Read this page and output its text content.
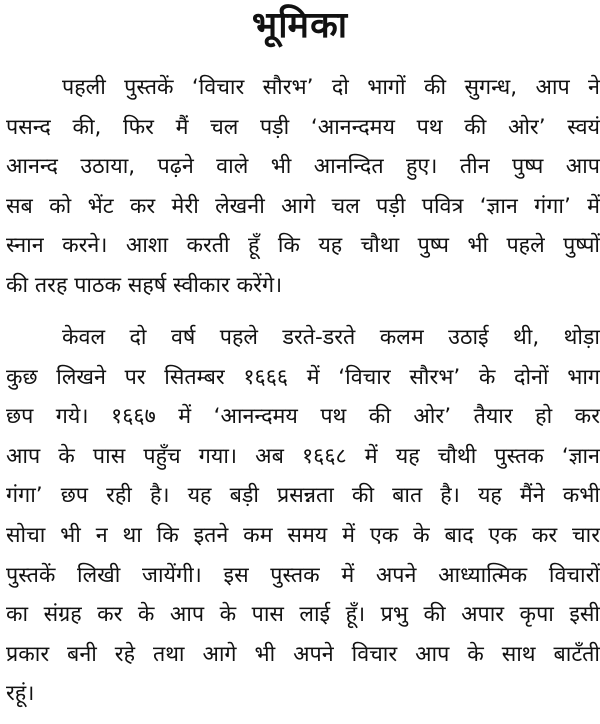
भूमिका
पहली पुस्तकें ‘विचार सौरभ’ दो भागों की सुगन्ध, आप ने
पसन्द की, फिर मैं चल पड़ी ‘आनन्दमय पथ की ओर’ स्वयं
आनन्द उठाया, पढ़ने वाले भी आनन्दित हुए। तीन पुष्प आप
सब को भेंट कर मेरी लेखनी आगे चल पड़ी पवित्र ‘ज्ञान गंगा’ में
स्नान करने। आशा करती हूँ कि यह चौथा पुष्प भी पहले पुष्पों
की तरह पाठक सहर्ष स्वीकार करेंगे।
केवल दो वर्ष पहले डरते-डरते कलम उठाई थी, थोड़ा
कुछ लिखने पर सितम्बर १६६६ में ‘विचार सौरभ’ के दोनों भाग
छप गये। १६६७ में ‘आनन्दमय पथ की ओर’ तैयार हो कर
आप के पास पहुँच गया। अब १६६८ में यह चौथी पुस्तक ‘ज्ञान
गंगा’ छप रही है। यह बड़ी प्रसन्नता की बात है। यह मैंने कभी
सोचा भी न था कि इतने कम समय में एक के बाद एक कर चार
पुस्तकें लिखी जायेंगी। इस पुस्तक में अपने आध्यात्मिक विचारों
का संग्रह कर के आप के पास लाई हूँ। प्रभु की अपार कृपा इसी
प्रकार बनी रहे तथा आगे भी अपने विचार आप के साथ बाटँती
रहूं।
